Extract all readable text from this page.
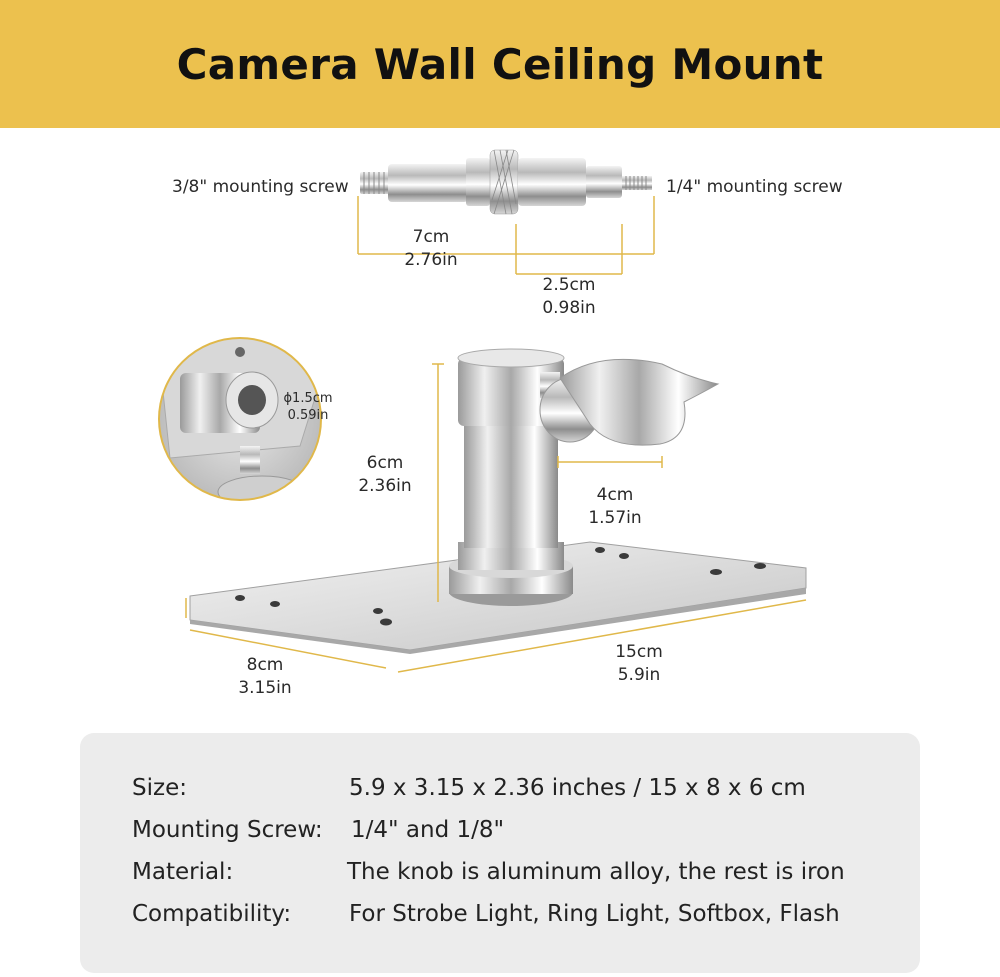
Camera Wall Ceiling Mount
3/8" mounting screw	1/4" mounting screw
7cm
2.76in
2.5cm
0.98in
ϕ1.5cm
0.59in
6cm
2.36in	4cm
1.57in
8cm
3.15in
15cm
5.9in
Size:	5.9 x 3.15 x 2.36 inches / 15 x 8 x 6 cm
Mounting Screw: 1/4" and 1/8"
Material:	The knob is aluminum alloy, the rest is iron
Compatibility:	For Strobe Light, Ring Light, Softbox, Flash
